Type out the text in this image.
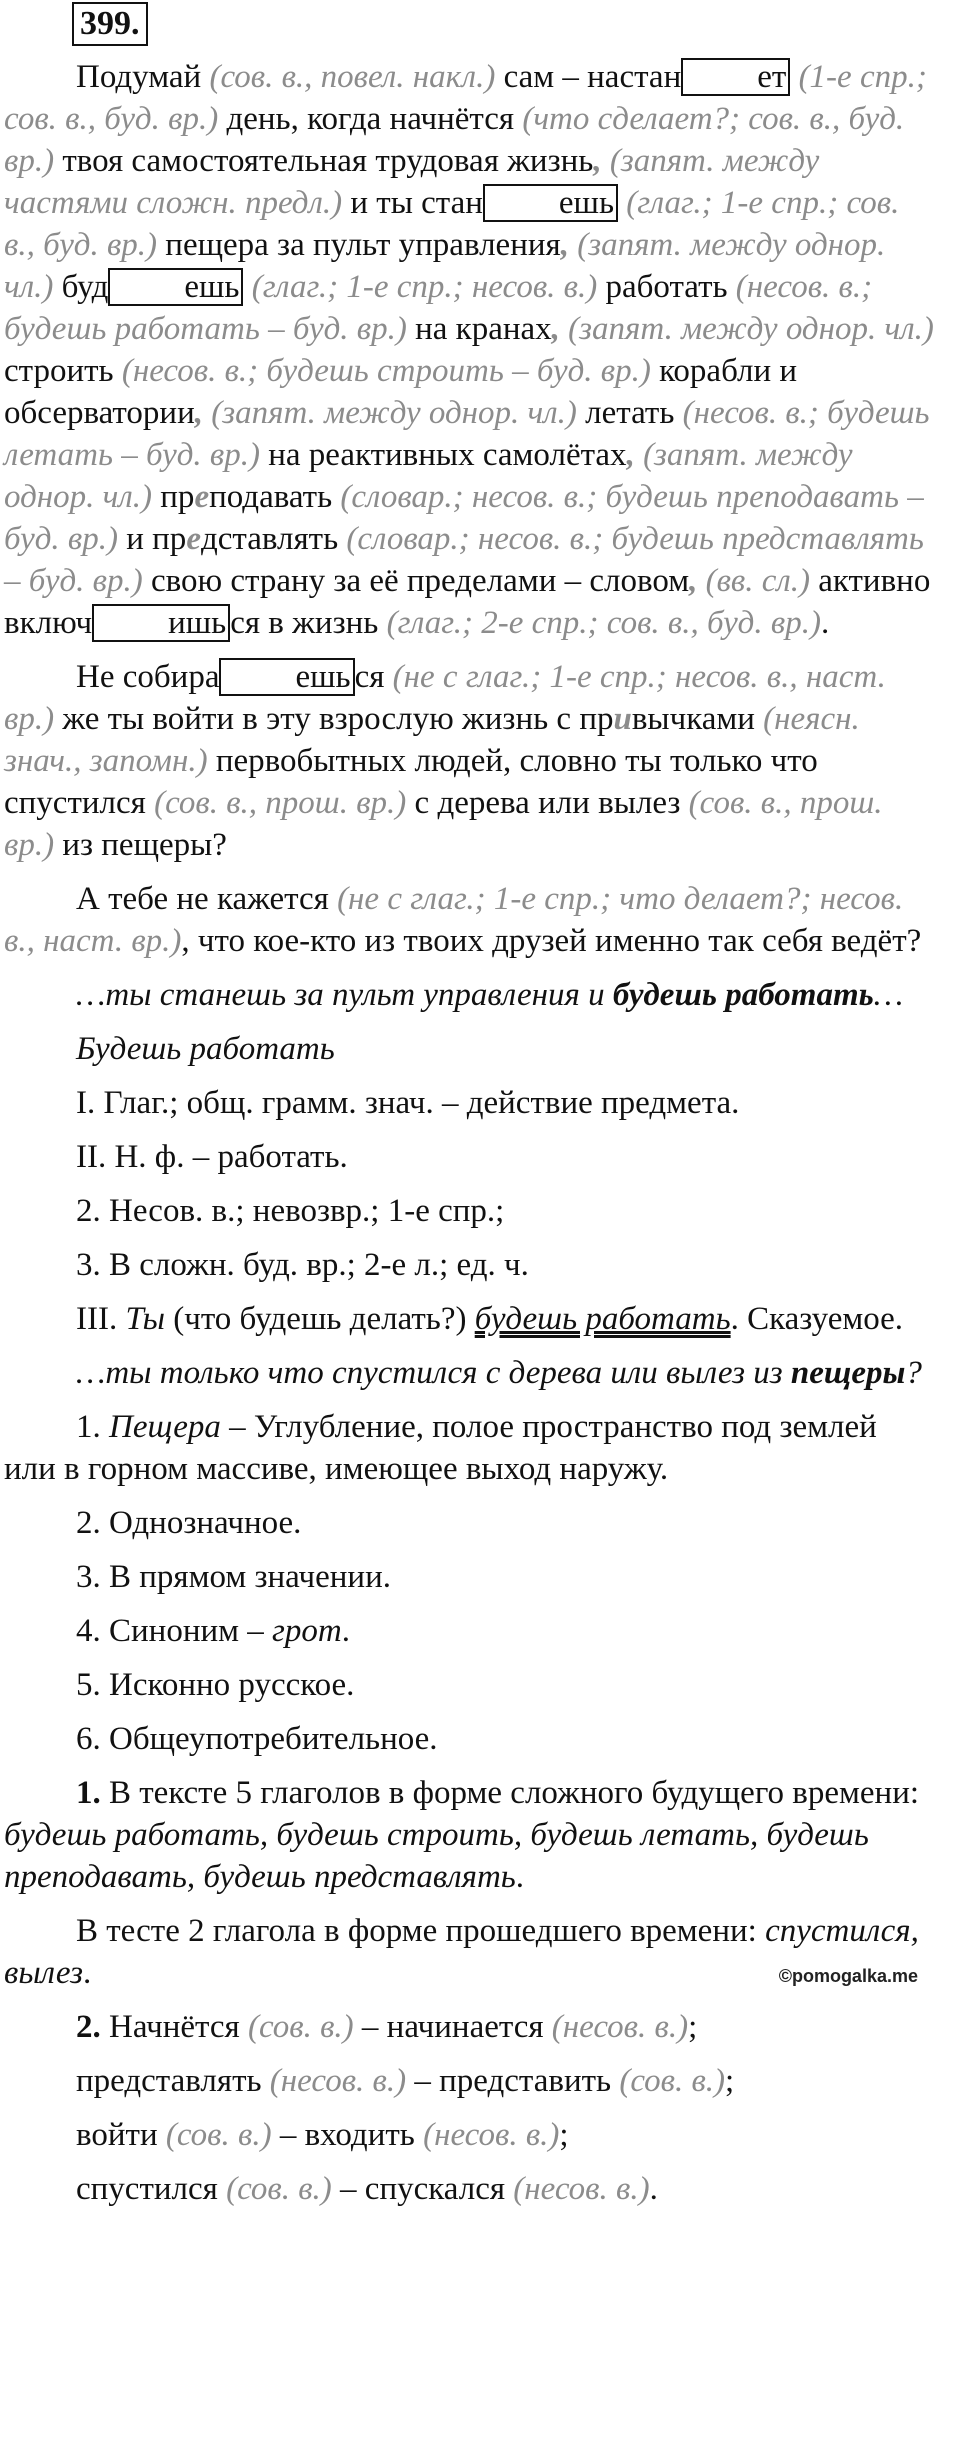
399.

Подумай (сов. в., повел. накл.) сам – настан ет (1-е спр.; сов. в., буд. вр.) день, когда начнётся (что сделает?; сов. в., буд. вр.) твоя самостоятельная трудовая жизнь, (запят. между частями сложн. предл.) и ты стан ешь (глаг.; 1-е спр.; сов. в., буд. вр.) пещера за пульт управления, (запят. между однор. чл.) буд ешь (глаг.; 1-е спр.; несов. в.) работать (несов. в.; будешь работать – буд. вр.) на кранах, (запят. между однор. чл.) строить (несов. в.; будешь строить – буд. вр.) корабли и обсерватории, (запят. между однор. чл.) летать (несов. в.; будешь летать – буд. вр.) на реактивных самолётах, (запят. между однор. чл.) преподавать (словар.; несов. в.; будешь преподавать – буд. вр.) и представлять (словар.; несов. в.; будешь представлять – буд. вр.) свою страну за её пределами – словом, (вв. сл.) активно включ ишь ся в жизнь (глаг.; 2-е спр.; сов. в., буд. вр.).

Не собира ешь ся (не с глаг.; 1-е спр.; несов. в., наст. вр.) же ты войти в эту взрослую жизнь с привычками (неясн. знач., запомн.) первобытных людей, словно ты только что спустился (сов. в., прош. вр.) с дерева или вылез (сов. в., прош. вр.) из пещеры?

А тебе не кажется (не с глаг.; 1-е спр.; что делает?; несов. в., наст. вр.), что кое-кто из твоих друзей именно так себя ведёт?

…ты станешь за пульт управления и будешь работать…

Будешь работать

I. Глаг.; общ. грамм. знач. – действие предмета.

II. Н. ф. – работать.

2. Несов. в.; невозвр.; 1-е спр.;

3. В сложн. буд. вр.; 2-е л.; ед. ч.

III. Ты (что будешь делать?) будешь работать. Сказуемое.

…ты только что спустился с дерева или вылез из пещеры?

1. Пещера – Углубление, полое пространство под землей или в горном массиве, имеющее выход наружу.

2. Однозначное.

3. В прямом значении.

4. Синоним – грот.

5. Исконно русское.

6. Общеупотребительное.

1. В тексте 5 глаголов в форме сложного будущего времени: будешь работать, будешь строить, будешь летать, будешь преподавать, будешь представлять.

В тесте 2 глагола в форме прошедшего времени: спустился, вылез.

2. Начнётся (сов. в.) – начинается (несов. в.);

представлять (несов. в.) – представить (сов. в.);

войти (сов. в.) – входить (несов. в.);

спустился (сов. в.) – спускался (несов. в.).

©pomogalka.me
